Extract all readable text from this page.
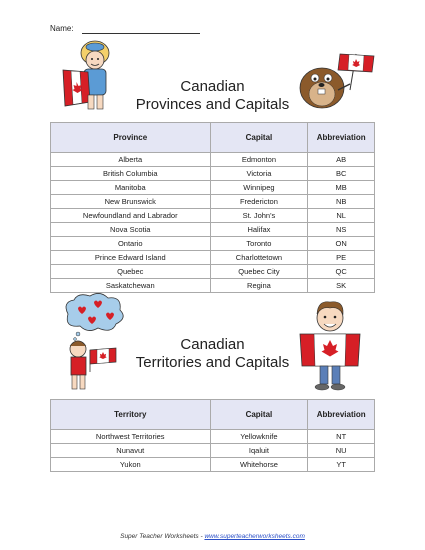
Name:
Canadian
Provinces and Capitals
Province	Capital	Abbreviation
Alberta	Edmonton	AB
British Columbia	Victoria	BC
Manitoba	Winnipeg	MB
New Brunswick	Fredericton	NB
Newfoundland and Labrador	St. John's	NL
Nova Scotia	Halifax	NS
Ontario	Toronto	ON
Prince Edward Island	Charlottetown	PE
Quebec	Quebec City	QC
Saskatchewan	Regina	SK
Canadian
Territories and Capitals
Territory	Capital	Abbreviation
Northwest Territories	Yellowknife	NT
Nunavut	Iqaluit	NU
Yukon	Whitehorse	YT
Super Teacher Worksheets - www.superteacherworksheets.com
